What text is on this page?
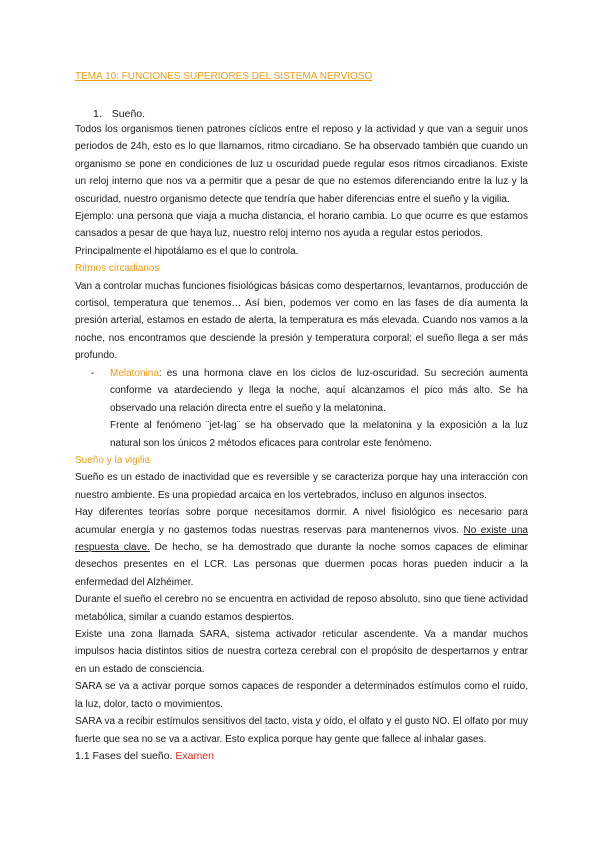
TEMA 10: FUNCIONES SUPERIORES DEL SISTEMA NERVIOSO
1. Sueño.
Todos los organismos tienen patrones cíclicos entre el reposo y la actividad y que van a seguir unos periodos de 24h, esto es lo que llamamos, ritmo circadiano. Se ha observado también que cuando un organismo se pone en condiciones de luz u oscuridad puede regular esos ritmos circadianos. Existe un reloj interno que nos va a permitir que a pesar de que no estemos diferenciando entre la luz y la oscuridad, nuestro organismo detecte que tendría que haber diferencias entre el sueño y la vigilia.
Ejemplo: una persona que viaja a mucha distancia, el horario cambia. Lo que ocurre es que estamos cansados a pesar de que haya luz, nuestro reloj interno nos ayuda a regular estos periodos.
Principalmente el hipotálamo es el que lo controla.
Ritmos circadianos
Van a controlar muchas funciones fisiológicas básicas como despertarnos, levantarnos, producción de cortisol, temperatura que tenemos… Así bien, podemos ver como en las fases de día aumenta la presión arterial, estamos en estado de alerta, la temperatura es más elevada. Cuando nos vamos a la noche, nos encontramos que desciende la presión y temperatura corporal; el sueño llega a ser más profundo.
- Melatonina: es una hormona clave en los ciclos de luz-oscuridad. Su secreción aumenta conforme va atardeciendo y llega la noche, aquí alcanzamos el pico más alto. Se ha observado una relación directa entre el sueño y la melatonina.
Frente al fenómeno ¨jet-lag¨ se ha observado que la melatonina y la exposición a la luz natural son los únicos 2 métodos eficaces para controlar este fenómeno.
Sueño y la vigilia
Sueño es un estado de inactividad que es reversible y se caracteriza porque hay una interacción con nuestro ambiente. Es una propiedad arcaica en los vertebrados, incluso en algunos insectos.
Hay diferentes teorías sobre porque necesitamos dormir. A nivel fisiológico es necesario para acumular energía y no gastemos todas nuestras reservas para mantenernos vivos. No existe una respuesta clave. De hecho, se ha demostrado que durante la noche somos capaces de eliminar desechos presentes en el LCR. Las personas que duermen pocas horas pueden inducir a la enfermedad del Alzhéimer.
Durante el sueño el cerebro no se encuentra en actividad de reposo absoluto, sino que tiene actividad metabólica, similar a cuando estamos despiertos.
Existe una zona llamada SARA, sistema activador reticular ascendente. Va a mandar muchos impulsos hacia distintos sitios de nuestra corteza cerebral con el propósito de despertarnos y entrar en un estado de consciencia.
SARA se va a activar porque somos capaces de responder a determinados estímulos como el ruido, la luz, dolor, tacto o movimientos.
SARA va a recibir estímulos sensitivos del tacto, vista y oído, el olfato y el gusto NO. El olfato por muy fuerte que sea no se va a activar. Esto explica porque hay gente que fallece al inhalar gases.
1.1 Fases del sueño. Examen
